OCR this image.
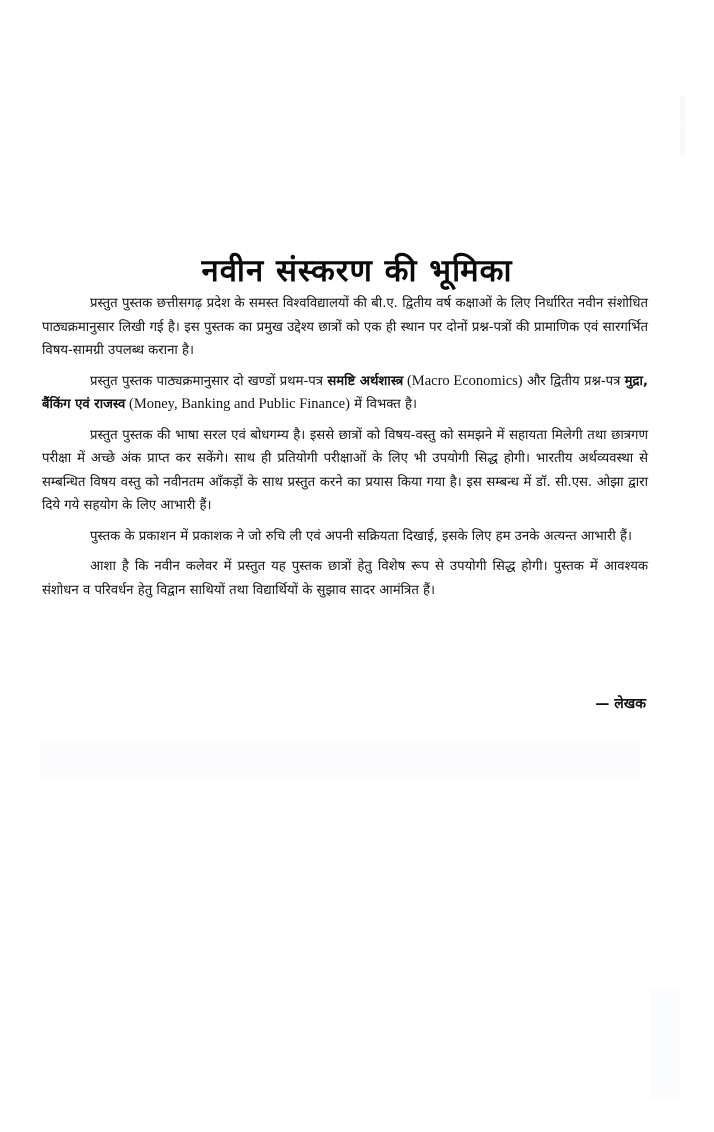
नवीन संस्करण की भूमिका

प्रस्तुत पुस्तक छत्तीसगढ़ प्रदेश के समस्त विश्वविद्यालयों की बी.ए. द्वितीय वर्ष कक्षाओं के लिए निर्धारित नवीन संशोधित पाठ्यक्रमानुसार लिखी गई है। इस पुस्तक का प्रमुख उद्देश्य छात्रों को एक ही स्थान पर दोनों प्रश्न-पत्रों की प्रामाणिक एवं सारगर्भित विषय-सामग्री उपलब्ध कराना है।

प्रस्तुत पुस्तक पाठ्यक्रमानुसार दो खण्डों प्रथम-पत्र समष्टि अर्थशास्त्र (Macro Economics) और द्वितीय प्रश्न-पत्र मुद्रा, बैंकिंग एवं राजस्व (Money, Banking and Public Finance) में विभक्त है।

प्रस्तुत पुस्तक की भाषा सरल एवं बोधगम्य है। इससे छात्रों को विषय-वस्तु को समझने में सहायता मिलेगी तथा छात्रगण परीक्षा में अच्छे अंक प्राप्त कर सकेंगे। साथ ही प्रतियोगी परीक्षाओं के लिए भी उपयोगी सिद्ध होगी। भारतीय अर्थव्यवस्था से सम्बन्धित विषय वस्तु को नवीनतम आँकड़ों के साथ प्रस्तुत करने का प्रयास किया गया है। इस सम्बन्ध में डॉ. सी.एस. ओझा द्वारा दिये गये सहयोग के लिए आभारी हैं।

पुस्तक के प्रकाशन में प्रकाशक ने जो रुचि ली एवं अपनी सक्रियता दिखाई, इसके लिए हम उनके अत्यन्त आभारी हैं।

आशा है कि नवीन कलेवर में प्रस्तुत यह पुस्तक छात्रों हेतु विशेष रूप से उपयोगी सिद्ध होगी। पुस्तक में आवश्यक संशोधन व परिवर्धन हेतु विद्वान साथियों तथा विद्यार्थियों के सुझाव सादर आमंत्रित हैं।

— लेखक
